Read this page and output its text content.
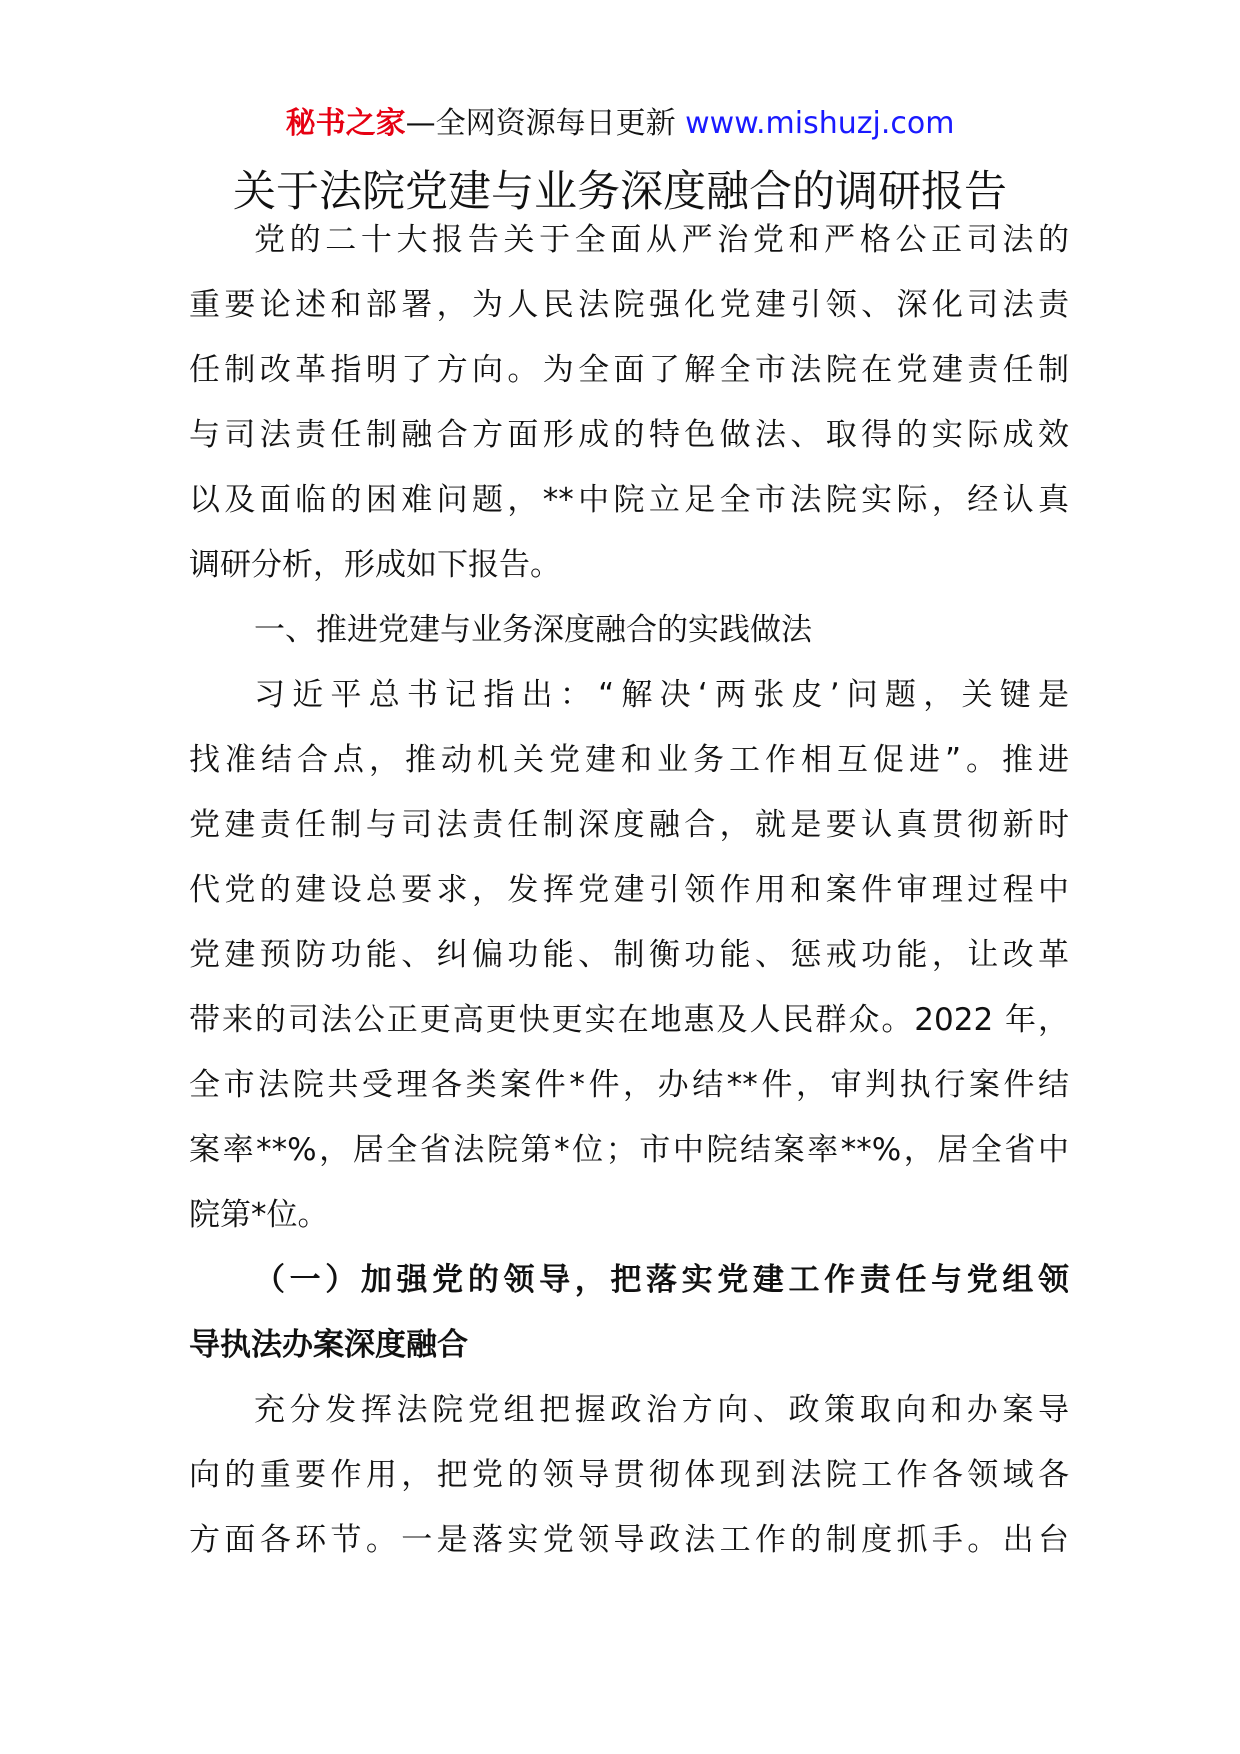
秘书之家—全网资源每日更新 www.mishuzj.com
关于法院党建与业务深度融合的调研报告
党的二十大报告关于全面从严治党和严格公正司法的
重要论述和部署，为人民法院强化党建引领、深化司法责
任制改革指明了方向。为全面了解全市法院在党建责任制
与司法责任制融合方面形成的特色做法、取得的实际成效
以及面临的困难问题，**中院立足全市法院实际，经认真
调研分析，形成如下报告。
一、推进党建与业务深度融合的实践做法
习近平总书记指出：“解决‘两张皮’问题，关键是
找准结合点，推动机关党建和业务工作相互促进”。推进
党建责任制与司法责任制深度融合，就是要认真贯彻新时
代党的建设总要求，发挥党建引领作用和案件审理过程中
党建预防功能、纠偏功能、制衡功能、惩戒功能，让改革
带来的司法公正更高更快更实在地惠及人民群众。2022 年，
全市法院共受理各类案件*件，办结**件，审判执行案件结
案率**%，居全省法院第*位；市中院结案率**%，居全省中
院第*位。
（一）加强党的领导，把落实党建工作责任与党组领
导执法办案深度融合
充分发挥法院党组把握政治方向、政策取向和办案导
向的重要作用，把党的领导贯彻体现到法院工作各领域各
方面各环节。一是落实党领导政法工作的制度抓手。出台
